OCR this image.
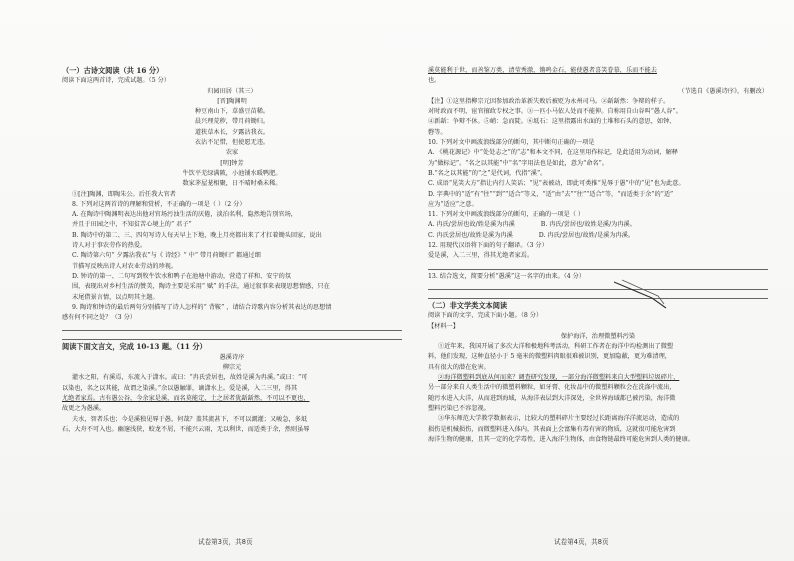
（一）古诗文阅读（共 16 分）
阅读下面这两首诗，完成试题。（5 分）
归园田居（其三）
[晋]陶渊明
种豆南山下，草盛豆苗稀。
晨兴理荒秽，带月荷锄归。
道狭草木长，夕露沾我衣。
衣沾不足惜，但使愿无违。
农家
[明]钟芳
牛饮平芜绿满陂，小池铺水暖鸭肥。
数家茅屋茏相聚，日不晴时桑未稀。
①[注]陶渊，即陶朱公。后任我大官者
8. 下列对这两首诗的理解和赏析，不正确的一项是（ ）（2 分）
A. 在陶诗中陶渊明表达出他对官场污浊生活的厌倦，淡泊名利，隐然地告别官场，
并且于田园之中，不知贫苦心境上的“ 君子”
B. 陶诗中的第二、三、四句写诗人每天早上下地，晚上月亮都出来了才扛着锄头回家，说出
诗人对于事农劳作的热爱。
C. 陶诗第六句“ 夕露沾我衣”与《 诗经》“ 中“ 带月荷锄归” 都通过细
节描写反映出诗人对农业劳动的珍视。
D. 钟诗的第一、二句写到牧牛饮水和鸭子在池塘中游动，营造了祥和、安宁的氛
围，表现出对乡村生活的赞美，陶诗主要是采用“ 赋” 的手法，通过叙事来表现思想情感，只在
末尾借景言情，以点明其主题。
9. 陶诗和钟诗的最后两句分别描写了诗人怎样的“ 背鞍” ，请结合诗歌内容分析其表达的思想情
感有何不同之处？（3 分）
阅读下面文言文，完成 10-13 题。（11 分）
愚溪诗序
柳宗元
灌水之阳，有溪焉，东流入于潇水。或曰：“冉氏尝居也，故姓是溪为冉溪。”或曰：“可
以染也，名之以其能，故谓之染溪。”余以愚触罪，谪潇水上。爱是溪，入二三里，得其
尤绝者家焉。古有愚公谷，今余家是溪，而名莫能定，土之居者犹龂龂然，不可以不更也，
故更之为愚溪。
夫水，智者乐也；今是溪独见辱于愚，何哉？盖其流甚下，不可以溉灌；又峻急，多坻
石，大舟不可入也。幽邃浅狭，蛟龙不屑，不能兴云雨，无以利世，而适类于余，然则虽辱
溪莫能利于世，而善鉴万类，清莹秀澈，锵鸣金石，能使愚者喜笑眷慕，乐而不能去
也。
（节选自《愚溪诗序》，有删改）
【注】①这里指柳宗元因参加政治革新失败后被贬为永州司马。②龂龂然：争辩的样子。
对时政而不明，宦官擅政专权之事。③一匹小马依人处而不能伸。自称用自山谷叫“愚人谷”。
④新龂：争辩不休。⑤峭：急而陡。⑥坻石：这里指露出水面的土堆和石头的意思，如钟、
磬等。
10. 下列对文中画波浪线部分的断句，其中断句正确的一项是
A. 《桃花源记》中“处处志之”的“志”和本文不同，在这里用作标记，是此适用为动词，解释
为“做标记”。“名之以其能”中“名”字用法也是如此，意为“命名”。
B.“名之以其能”的“之”是代词，代指“溪”。
C. 成语“见笑大方”指让内行人笑话；“见”表被动，即此可类推“见辱于愚”中的“见”也为此意。
D. 字典中的“适”有“往”“到”“适合”等义，“适”由“去”“往”“适合”等，“而适类于余”的“适”
应为“适应”之意。
11. 下列对文中画波浪线部分的断句，正确的一项是（ ）
A. 冉氏/尝居也故/姓是溪为冉溪	B. 冉氏/尝居也/故姓是溪/为冉溪。
C. 冉氏尝居也/故姓是溪为冉溪	D. 冉氏/尝居也/故姓/是溪为冉溪。
12. 用现代汉语将下面的句子翻译。（3 分）
爱是溪，入二三里，得其尤绝者家焉。
13. 结合选文，简要分析“愚溪”这一名字的由来。（4 分）
（二）非文学类文本阅读
阅读下面的文字，完成下面小题。（8 分）
【材料一】
保护海洋，治理微塑料污染
①近年来，我国开展了多次大洋和极地科考活动，科研工作者在海洋中均检测出了微塑
料，他们发现，这种直径小于 5 毫米的微塑料肉眼很难被识别，更加隐蔽，更为难清理，
具有很大的潜在危害。
②海洋微塑料到底从何而来？调查研究发现，一部分海洋微塑料来自大型塑料垃圾碎片，
另一部分来自人类生活中的微塑料颗粒，如牙膏、化妆品中的微塑料颗粒会在洗涤中流出，
随污水进入大洋，从而进到海域，从海洋表层到大洋深处，全世界海域都已被污染，海洋微
塑料污染已不容忽视。
③华东师范大学教学数据表示，比较大的塑料碎片主要经过长距离海洋洋流运动，造成的
损伤是机械损伤，而微塑料进入体内，其表面上会富集有毒有害的物质，这就很可能危害到
海洋生物的健康，且其一定的化学毒性，进入海洋生物体，由食物链最终可能危害到人类的健康。
试卷第3页，共8页	试卷第4页，共8页
